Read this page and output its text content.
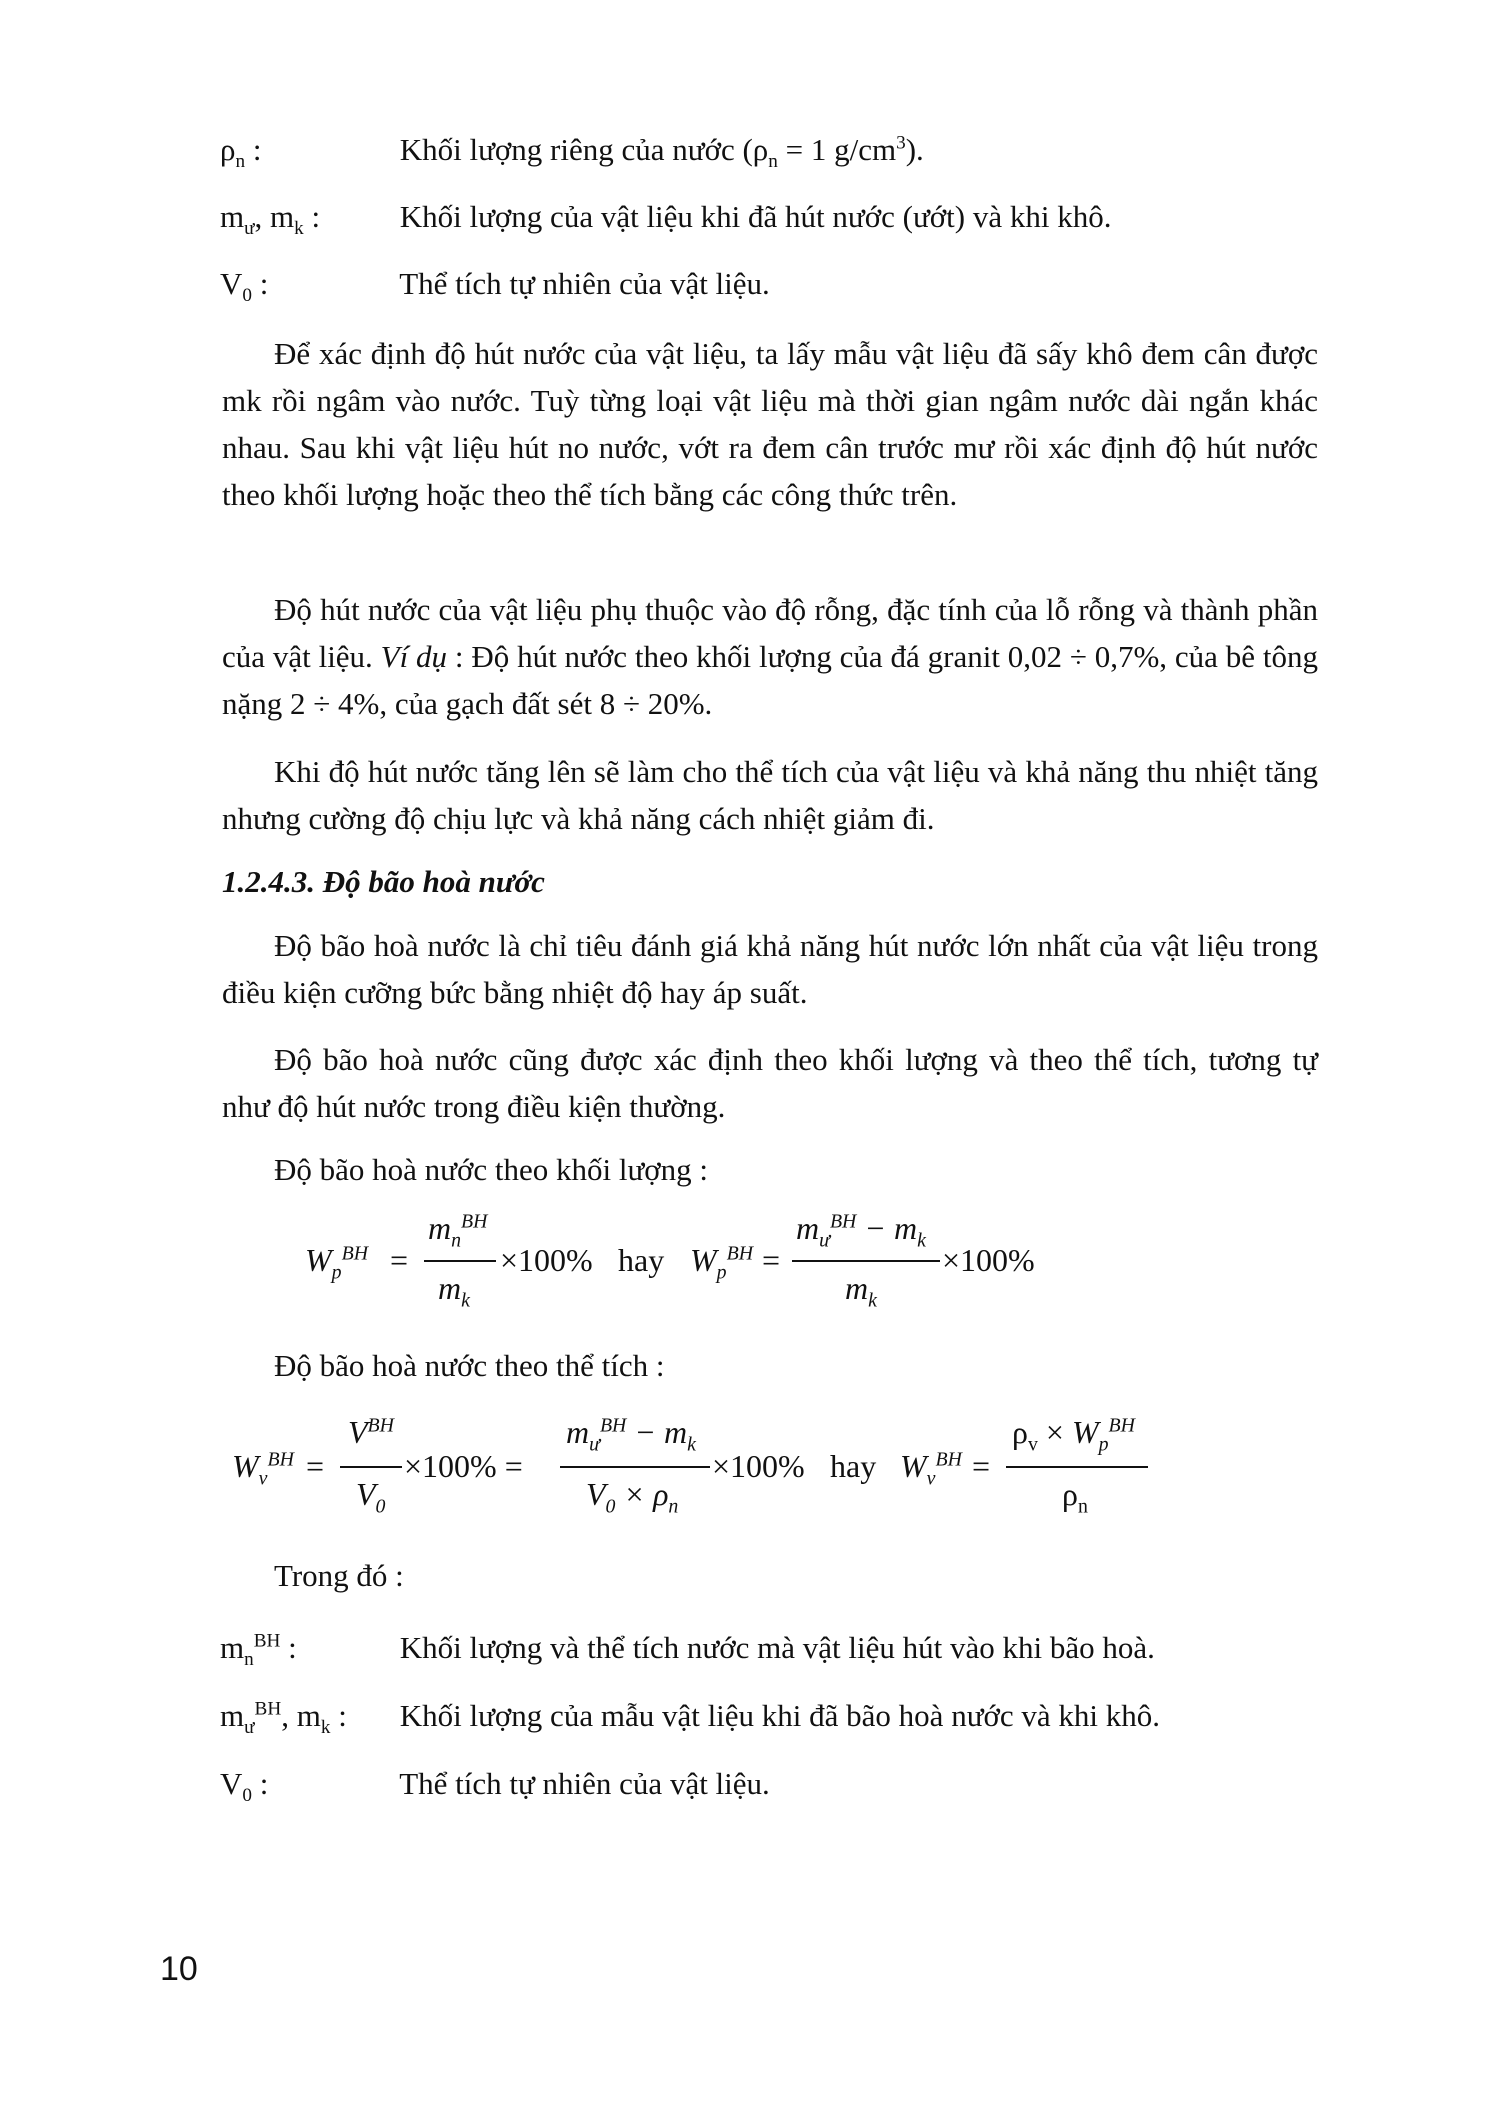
$\rho_n$ :	Khối lượng riêng của nước ($\rho_n = 1$ $g/cm^3$).
$m_ư$, $m_k$ :	Khối lượng của vật liệu khi đã hút nước (ướt) và khi khô.
$V_0$ :	Thể tích tự nhiên của vật liệu.

Để xác định độ hút nước của vật liệu, ta lấy mẫu vật liệu đã sấy khô đem cân được mk rồi ngâm vào nước. Tuỳ từng loại vật liệu mà thời gian ngâm nước dài ngắn khác nhau. Sau khi vật liệu hút no nước, vớt ra đem cân trước mư rồi xác định độ hút nước theo khối lượng hoặc theo thể tích bằng các công thức trên.

Độ hút nước của vật liệu phụ thuộc vào độ rỗng, đặc tính của lỗ rỗng và thành phần của vật liệu. Ví dụ : Độ hút nước theo khối lượng của đá granit 0,02 ÷ 0,7%, của bê tông nặng 2 ÷ 4%, của gạch đất sét 8 ÷ 20%.

Khi độ hút nước tăng lên sẽ làm cho thể tích của vật liệu và khả năng thu nhiệt tăng nhưng cường độ chịu lực và khả năng cách nhiệt giảm đi.

1.2.4.3. Độ bão hoà nước

Độ bão hoà nước là chỉ tiêu đánh giá khả năng hút nước lớn nhất của vật liệu trong điều kiện cưỡng bức bằng nhiệt độ hay áp suất.

Độ bão hoà nước cũng được xác định theo khối lượng và theo thể tích, tương tự như độ hút nước trong điều kiện thường.

Độ bão hoà nước theo khối lượng :
$W_p^{BH}$ =
$m_n^{BH}$
$m_k$
×100% hay $W_p^{BH}$ =
$m_ư^{BH} - m_k$
$m_k$
×100%
Độ bão hoà nước theo thể tích :
$W_v^{BH}$ =
$V^{BH}$
$V_0$
×100% =
$m_ư^{BH} - m_k$
$V_0 \times \rho_n$
×100% hay $W_v^{BH}$ =
$\rho_v \times W_p^{BH}$
$\rho_n$
Trong đó :
$m_n^{BH}$ :	Khối lượng và thể tích nước mà vật liệu hút vào khi bão hoà.
$m_ư^{BH}$, $m_k$ : Khối lượng của mẫu vật liệu khi đã bão hoà nước và khi khô.
$V_0$ :	Thể tích tự nhiên của vật liệu.
10
